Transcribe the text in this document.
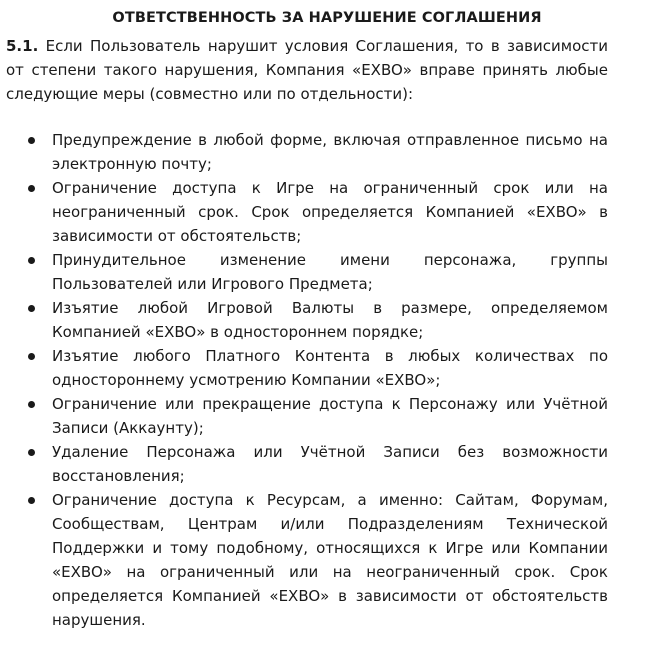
ОТВЕТСТВЕННОСТЬ ЗА НАРУШЕНИЕ СОГЛАШЕНИЯ

5.1. Если Пользователь нарушит условия Соглашения, то в зависимости от степени такого нарушения, Компания «EXBO» вправе принять любые следующие меры (совместно или по отдельности):

Предупреждение в любой форме, включая отправленное письмо на электронную почту;
Ограничение доступа к Игре на ограниченный срок или на неограниченный срок. Срок определяется Компанией «EXBO» в зависимости от обстоятельств;
Принудительное изменение имени персонажа, группы Пользователей или Игрового Предмета;
Изъятие любой Игровой Валюты в размере, определяемом Компанией «EXBO» в одностороннем порядке;
Изъятие любого Платного Контента в любых количествах по одностороннему усмотрению Компании «EXBO»;
Ограничение или прекращение доступа к Персонажу или Учётной Записи (Аккаунту);
Удаление Персонажа или Учётной Записи без возможности восстановления;
Ограничение доступа к Ресурсам, а именно: Сайтам, Форумам, Сообществам, Центрам и/или Подразделениям Технической Поддержки и тому подобному, относящихся к Игре или Компании «EXBO» на ограниченный или на неограниченный срок. Срок определяется Компанией «EXBO» в зависимости от обстоятельств нарушения.
